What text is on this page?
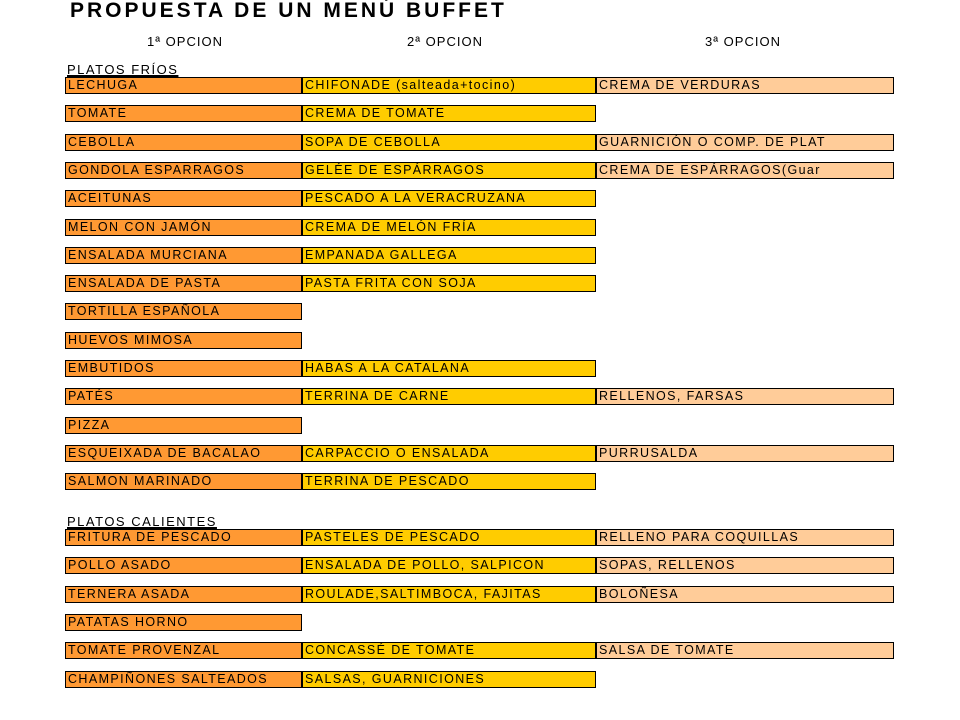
PROPUESTA DE UN MENÚ BUFFET
1ª OPCION	2ª OPCION	3ª OPCION
PLATOS FRÍOS
LECHUGA	CHIFONADE (salteada+tocino)	CREMA DE VERDURAS
TOMATE	CREMA DE TOMATE
CEBOLLA	SOPA DE CEBOLLA	GUARNICIÓN O COMP. DE PLAT
GONDOLA ESPARRAGOS	GELÉE DE ESPÁRRAGOS	CREMA DE ESPÁRRAGOS(Guar
ACEITUNAS	PESCADO A LA VERACRUZANA
MELON CON JAMÓN	CREMA DE MELÓN FRÍA
ENSALADA MURCIANA	EMPANADA GALLEGA
ENSALADA DE PASTA	PASTA FRITA CON SOJA
TORTILLA ESPAÑOLA
HUEVOS MIMOSA
EMBUTIDOS	HABAS A LA CATALANA
PATÉS	TERRINA DE CARNE	RELLENOS, FARSAS
PIZZA
ESQUEIXADA DE BACALAO	CARPACCIO O ENSALADA	PURRUSALDA
SALMON MARINADO	TERRINA DE PESCADO
PLATOS CALIENTES
FRITURA DE PESCADO	PASTELES DE PESCADO	RELLENO PARA COQUILLAS
POLLO ASADO	ENSALADA DE POLLO, SALPICON	SOPAS, RELLENOS
TERNERA ASADA	ROULADE,SALTIMBOCA, FAJITAS	BOLOÑESA
PATATAS HORNO
TOMATE PROVENZAL	CONCASSÉ DE TOMATE	SALSA DE TOMATE
CHAMPIÑONES SALTEADOS	SALSAS, GUARNICIONES
